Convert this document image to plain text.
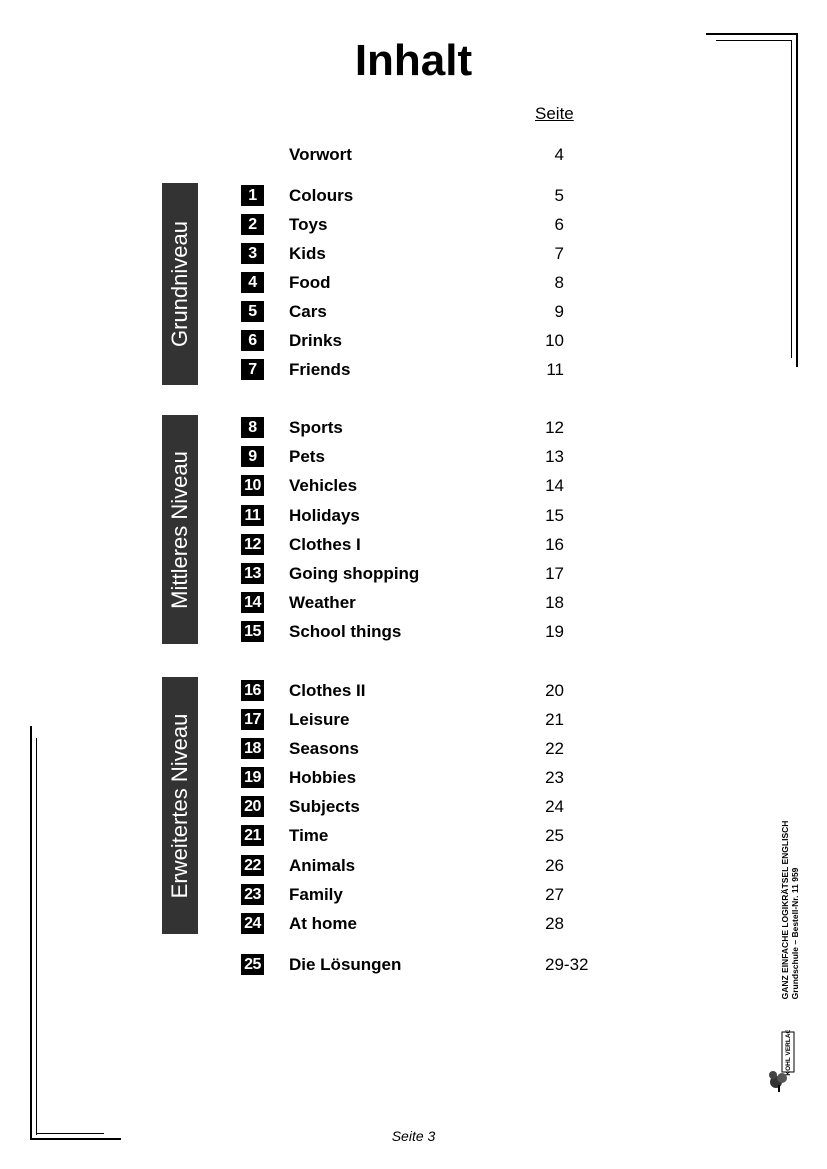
Inhalt
Seite
Vorwort	4
Grundniveau
Mittleres Niveau
Erweitertes Niveau
1	Colours	5
2	Toys	6
3	Kids	7
4	Food	8
5	Cars	9
6	Drinks	10
7	Friends	11
8	Sports	12
9	Pets	13
10 Vehicles	14
11 Holidays	15
12 Clothes I	16
13 Going shopping	17
14 Weather	18
15 School things	19
16 Clothes II	20
17 Leisure	21
18 Seasons	22
19 Hobbies	23
20 Subjects	24
21 Time	25
22 Animals	26
23 Family	27
24 At home	28
25 Die Lösungen	29-32	GANZ EINFACHE LOGIKRÄTSEL ENGLISCH Grundschule – Bestell-Nr. 11 959
KOHL VERLAG
Seite 3
